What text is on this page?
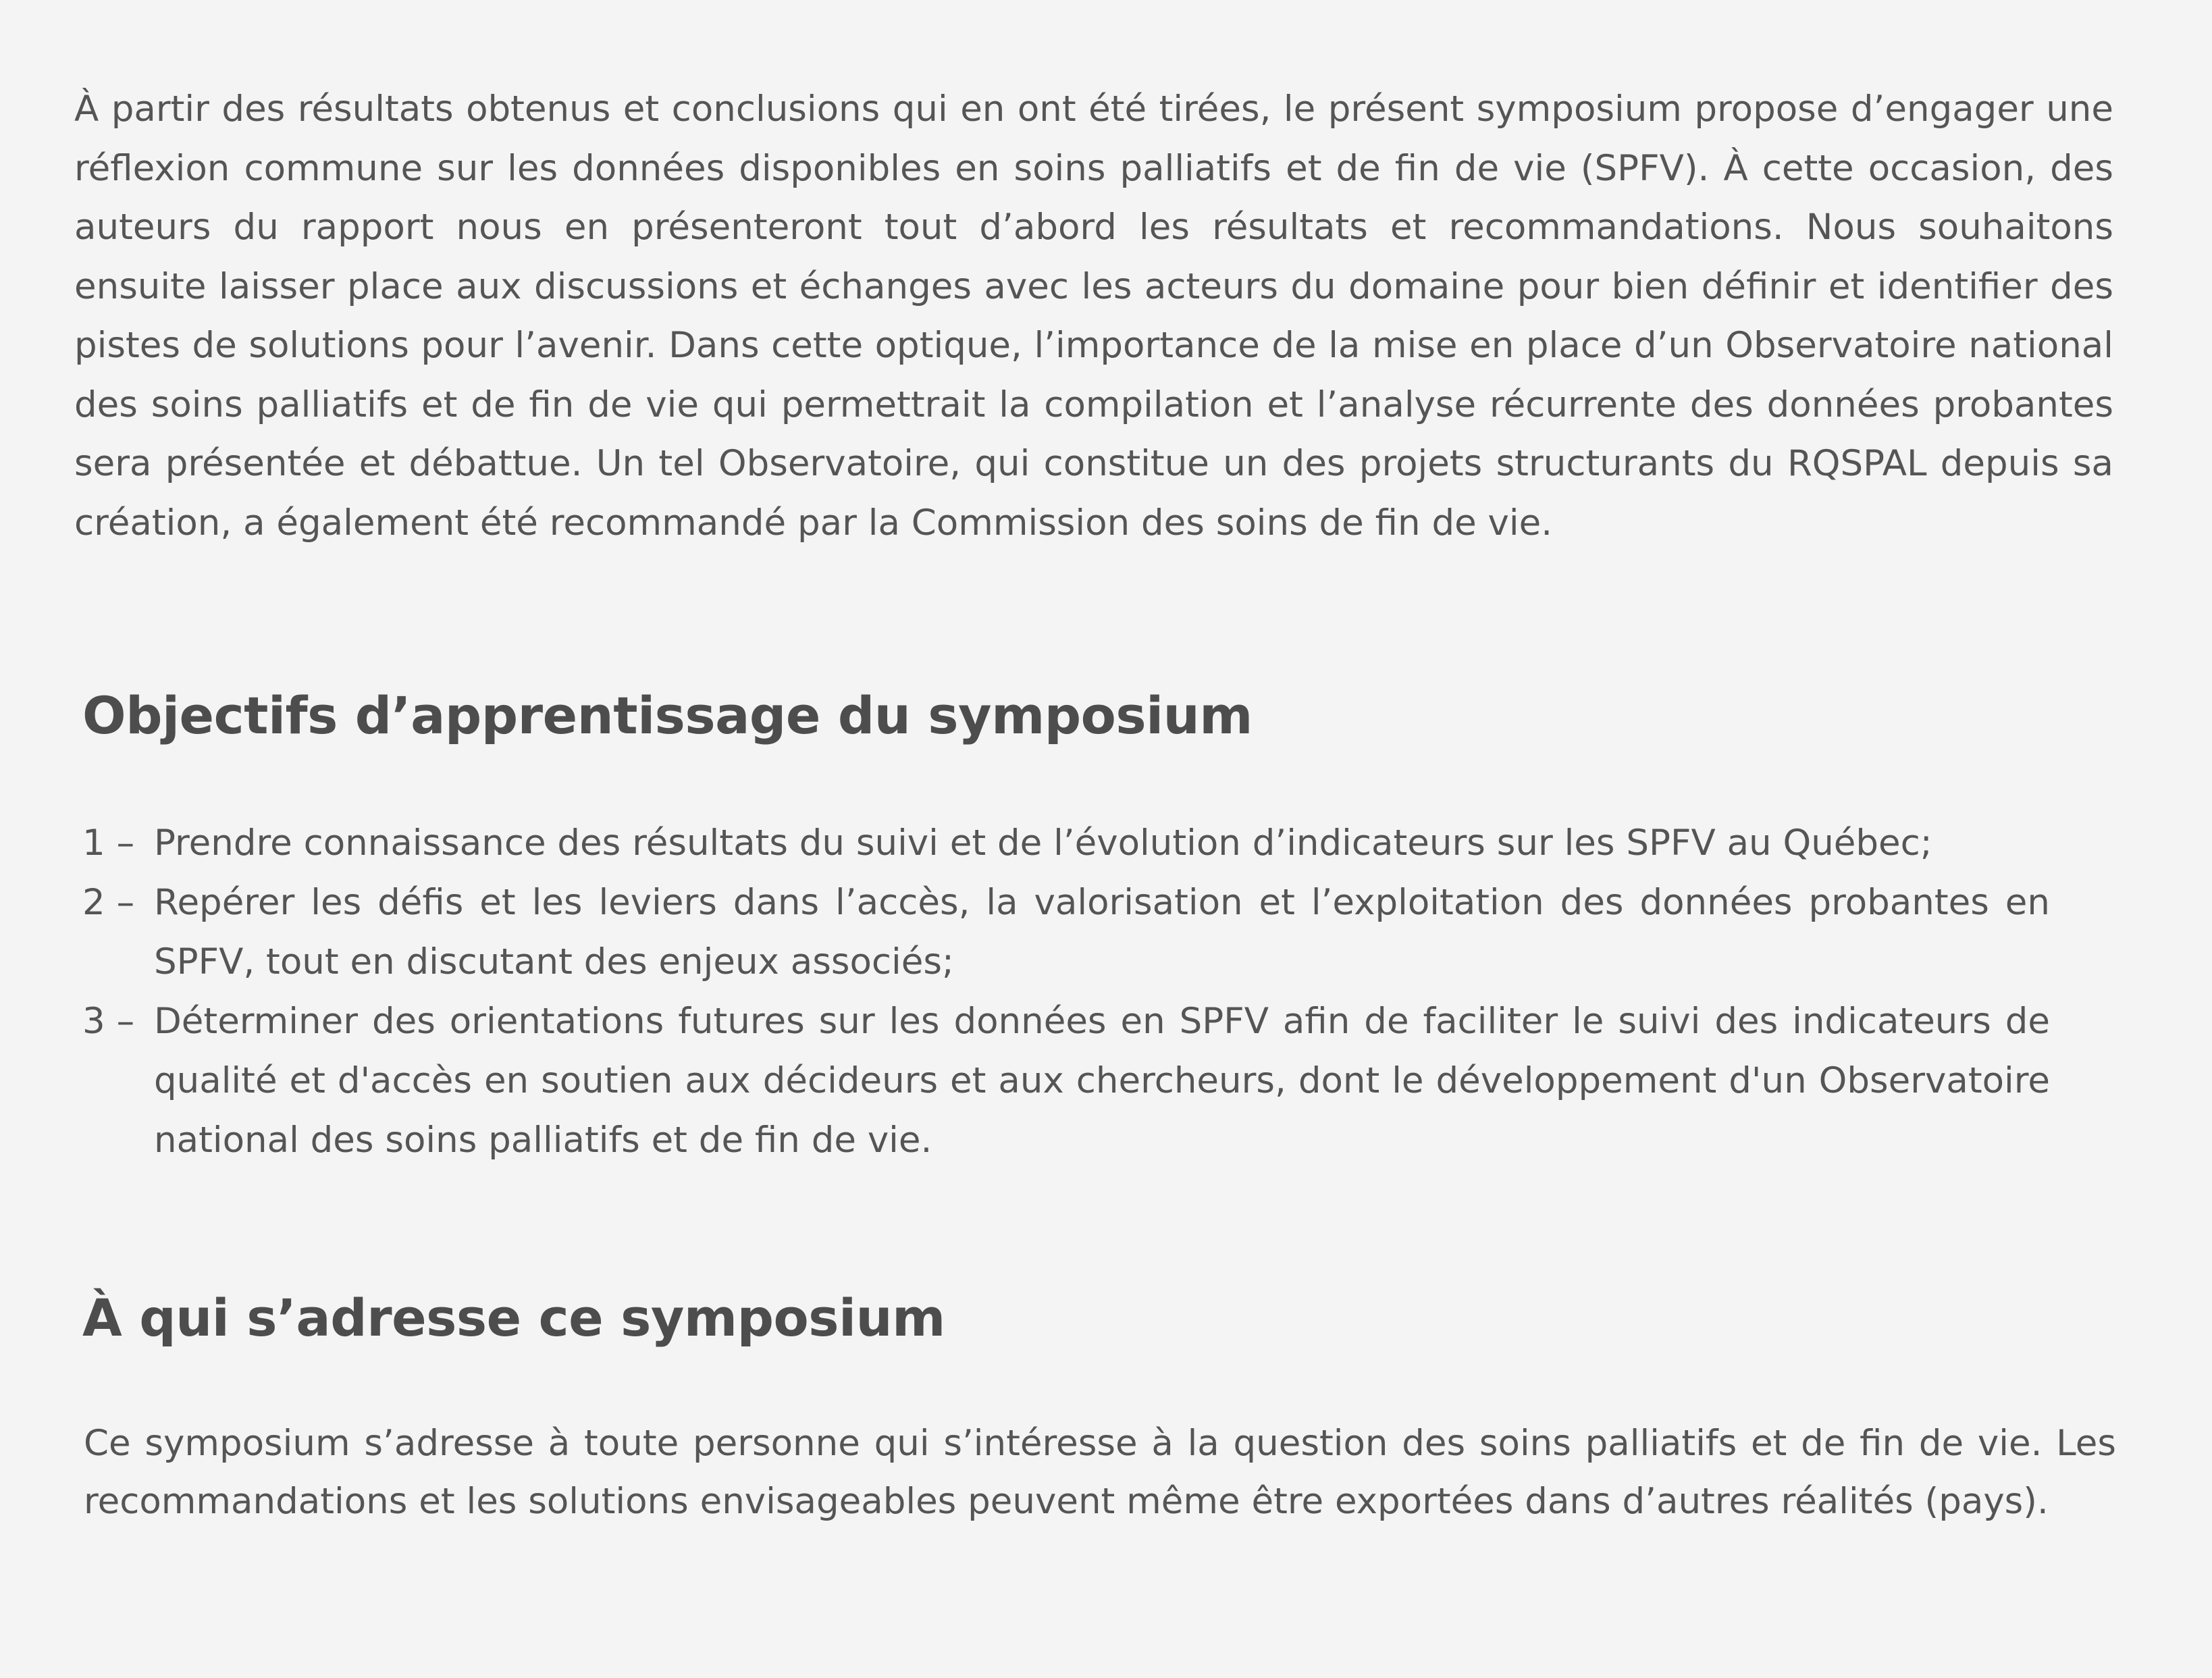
À partir des résultats obtenus et conclusions qui en ont été tirées, le présent symposium propose d’engager une réflexion commune sur les données disponibles en soins palliatifs et de fin de vie (SPFV). À cette occasion, des auteurs du rapport nous en présenteront tout d’abord les résultats et recommandations. Nous souhaitons ensuite laisser place aux discussions et échanges avec les acteurs du domaine pour bien définir et identifier des pistes de solutions pour l’avenir. Dans cette optique, l’importance de la mise en place d’un Observatoire national des soins palliatifs et de fin de vie qui permettrait la compilation et l’analyse récurrente des données probantes sera présentée et débattue. Un tel Observatoire, qui constitue un des projets structurants du RQSPAL depuis sa création, a également été recommandé par la Commission des soins de fin de vie.

Objectifs d’apprentissage du symposium
1 – Prendre connaissance des résultats du suivi et de l’évolution d’indicateurs sur les SPFV au Québec;
2 – Repérer les défis et les leviers dans l’accès, la valorisation et l’exploitation des données probantes en SPFV, tout en discutant des enjeux associés;
3 – Déterminer des orientations futures sur les données en SPFV afin de faciliter le suivi des indicateurs de qualité et d'accès en soutien aux décideurs et aux chercheurs, dont le développement d'un Observatoire national des soins palliatifs et de fin de vie.
À qui s’adresse ce symposium

Ce symposium s’adresse à toute personne qui s’intéresse à la question des soins palliatifs et de fin de vie. Les recommandations et les solutions envisageables peuvent même être exportées dans d’autres réalités (pays).
